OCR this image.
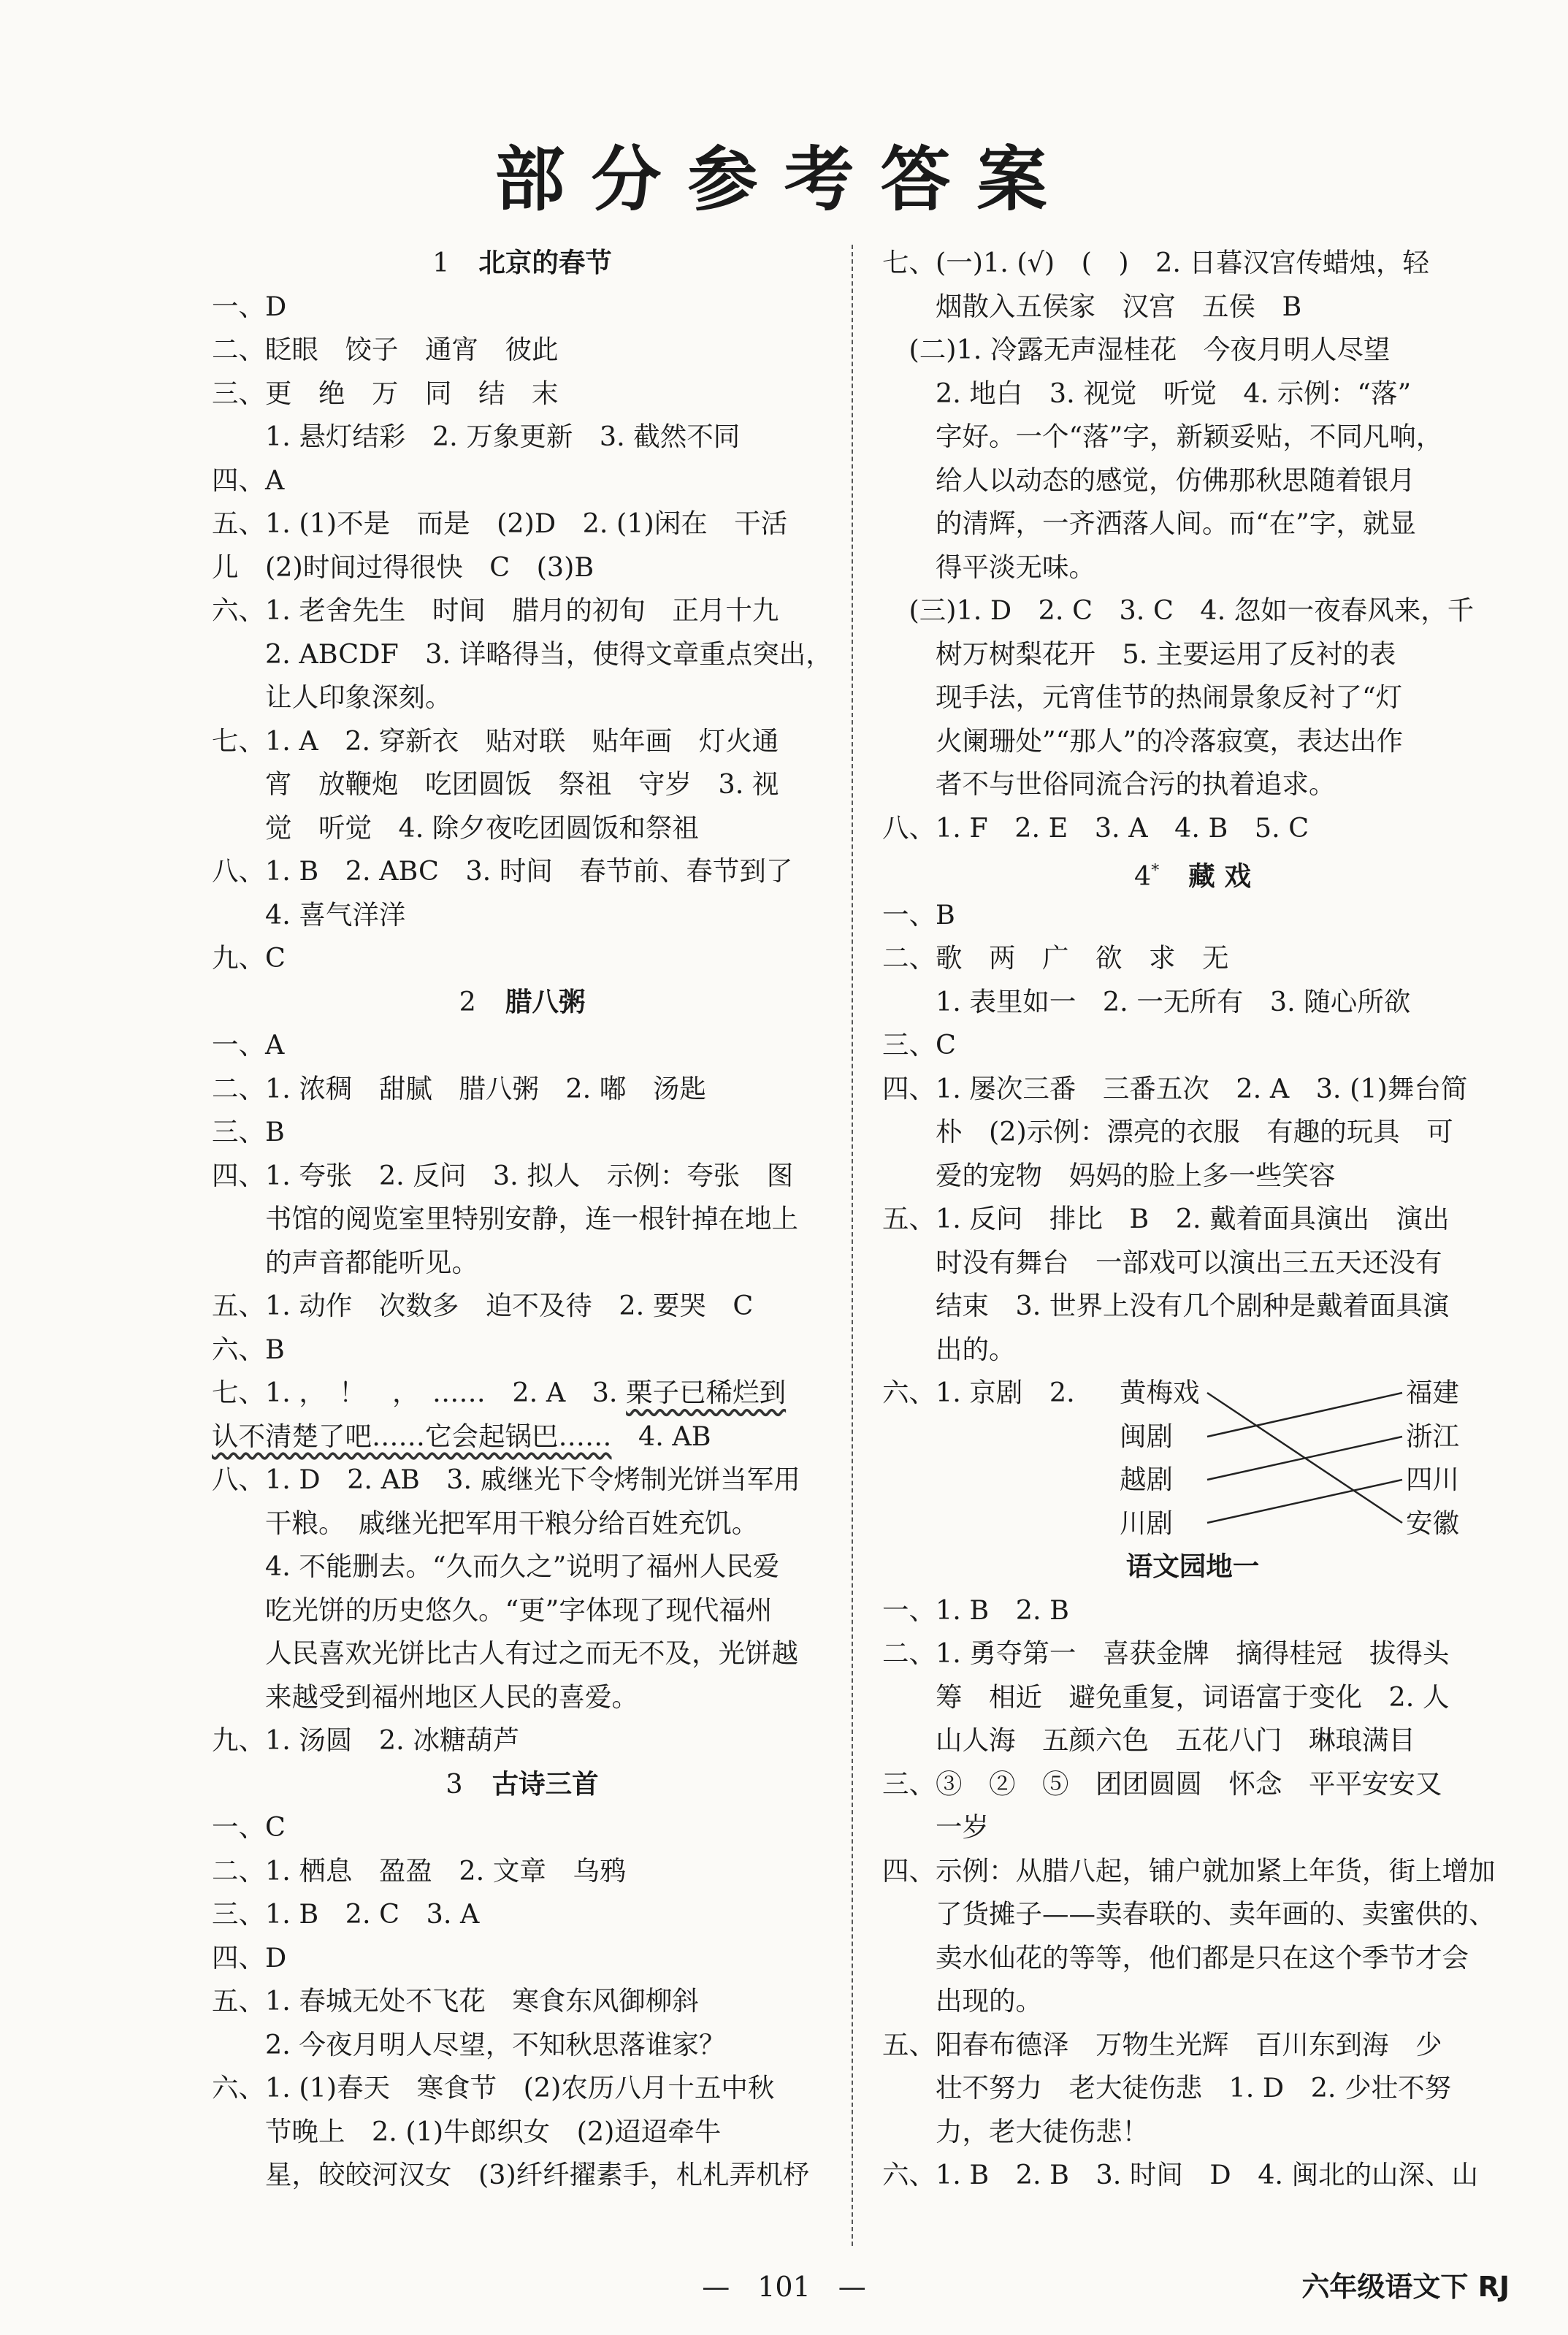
部分参考答案
1 北京的春节
一、D
二、眨眼　饺子　通宵　彼此
三、更　绝　万　同　结　末
　　1. 悬灯结彩　2. 万象更新　3. 截然不同
四、A
五、1. (1)不是　而是　(2)D　2. (1)闲在　干活
儿　(2)时间过得很快　C　(3)B
六、1. 老舍先生　时间　腊月的初旬　正月十九
　　2. ABCDF　3. 详略得当，使得文章重点突出，
　　让人印象深刻。
七、1. A　2. 穿新衣　贴对联　贴年画　灯火通
　　宵　放鞭炮　吃团圆饭　祭祖　守岁　3. 视
　　觉　听觉　4. 除夕夜吃团圆饭和祭祖
八、1. B　2. ABC　3. 时间　春节前、春节到了
　　4. 喜气洋洋
九、C
2 腊八粥
一、A
二、1. 浓稠　甜腻　腊八粥　2. 嘟　汤匙
三、B
四、1. 夸张　2. 反问　3. 拟人　示例：夸张　图
　　书馆的阅览室里特别安静，连一根针掉在地上
　　的声音都能听见。
五、1. 动作　次数多　迫不及待　2. 要哭　C
六、B
七、1. ，　！　，　……　2. A　3. 栗子已稀烂到
认不清楚了吧……它会起锅巴……　4. AB
八、1. D　2. AB　3. 戚继光下令烤制光饼当军用
　　干粮。　戚继光把军用干粮分给百姓充饥。
　　4. 不能删去。“久而久之”说明了福州人民爱
　　吃光饼的历史悠久。“更”字体现了现代福州
　　人民喜欢光饼比古人有过之而无不及，光饼越
　　来越受到福州地区人民的喜爱。
九、1. 汤圆　2. 冰糖葫芦
3 古诗三首
一、C
二、1. 栖息　盈盈　2. 文章　乌鸦
三、1. B　2. C　3. A
四、D
五、1. 春城无处不飞花　寒食东风御柳斜
　　2. 今夜月明人尽望，不知秋思落谁家？
六、1. (1)春天　寒食节　(2)农历八月十五中秋
　　节晚上　2. (1)牛郎织女　(2)迢迢牵牛
　　星，皎皎河汉女　(3)纤纤擢素手，札札弄机杼
七、(一)1. (√)　(　)　2. 日暮汉宫传蜡烛，轻
　　烟散入五侯家　汉宫　五侯　B
　(二)1. 冷露无声湿桂花　今夜月明人尽望
　　2. 地白　3. 视觉　听觉　4. 示例：“落”
　　字好。一个“落”字，新颖妥贴，不同凡响，
　　给人以动态的感觉，仿佛那秋思随着银月
　　的清辉，一齐洒落人间。而“在”字，就显
　　得平淡无味。
　(三)1. D　2. C　3. C　4. 忽如一夜春风来，千
　　树万树梨花开　5. 主要运用了反衬的表
　　现手法，元宵佳节的热闹景象反衬了“灯
　　火阑珊处”“那人”的冷落寂寞，表达出作
　　者不与世俗同流合污的执着追求。
八、1. F　2. E　3. A　4. B　5. C
4* 藏 戏
一、B
二、歌　两　广　欲　求　无
　　1. 表里如一　2. 一无所有　3. 随心所欲
三、C
四、1. 屡次三番　三番五次　2. A　3. (1)舞台简
　　朴　(2)示例：漂亮的衣服　有趣的玩具　可
　　爱的宠物　妈妈的脸上多一些笑容
五、1. 反问　排比　B　2. 戴着面具演出　演出
　　时没有舞台　一部戏可以演出三五天还没有
　　结束　3. 世界上没有几个剧种是戴着面具演
　　出的。
六、1. 京剧　2. 黄梅戏
闽剧
越剧
川剧
福建
浙江
四川
安徽
语文园地一
一、1. B　2. B
二、1. 勇夺第一　喜获金牌　摘得桂冠　拔得头
　　筹　相近　避免重复，词语富于变化　2. 人
　　山人海　五颜六色　五花八门　琳琅满目
三、③　②　⑤　团团圆圆　怀念　平平安安又
　　一岁
四、示例：从腊八起，铺户就加紧上年货，街上增加
　　了货摊子——卖春联的、卖年画的、卖蜜供的、
　　卖水仙花的等等，他们都是只在这个季节才会
　　出现的。
五、阳春布德泽　万物生光辉　百川东到海　少
　　壮不努力　老大徒伤悲　1. D　2. 少壮不努
　　力，老大徒伤悲！
六、1. B　2. B　3. 时间　D　4. 闽北的山深、山
—　101　—	六年级语文下 RJ
